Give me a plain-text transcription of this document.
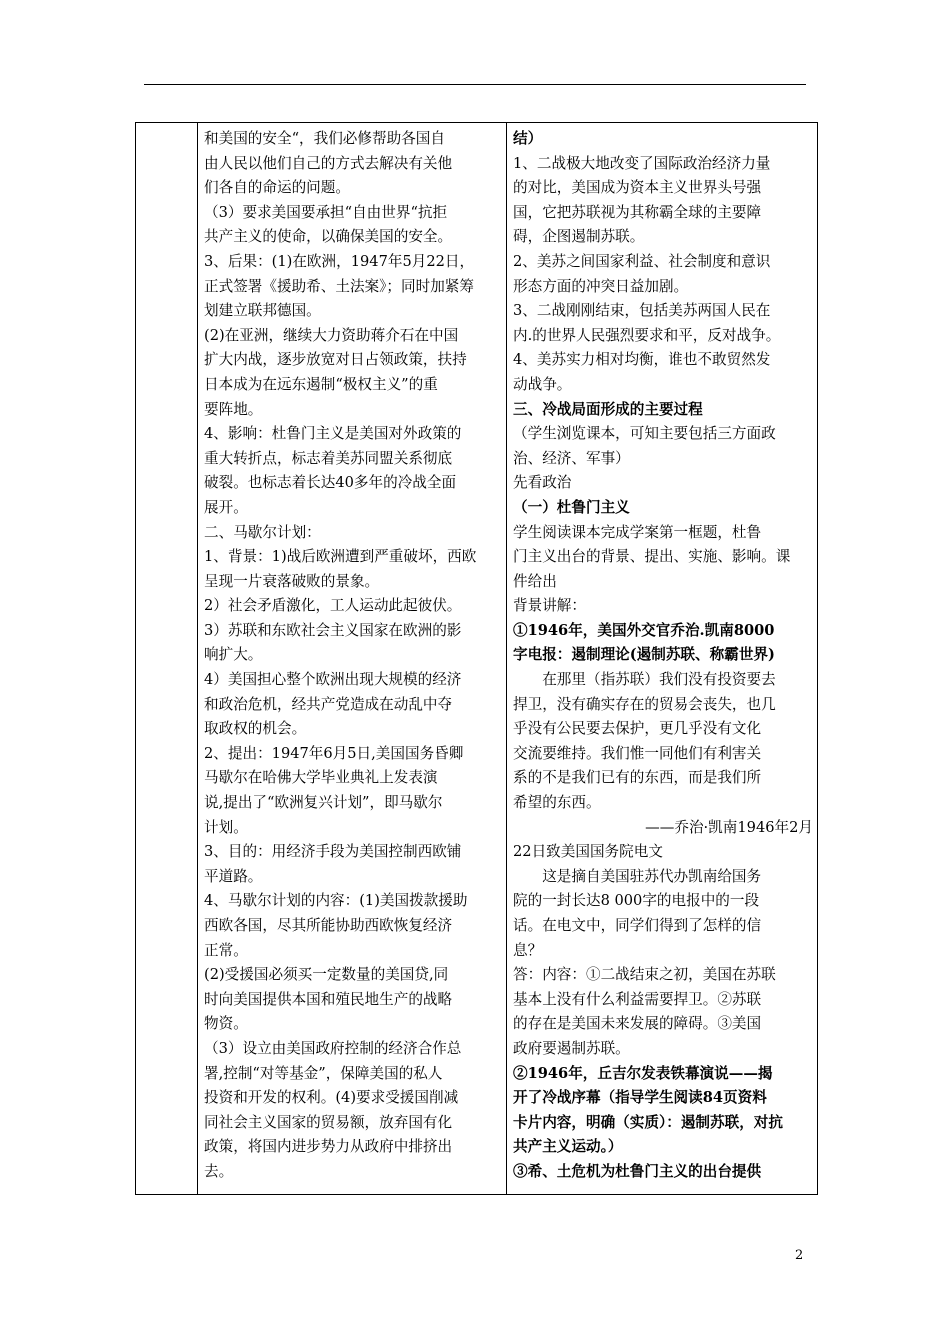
和美国的安全“，我们必修帮助各国自
由人民以他们自己的方式去解决有关他
们各自的命运的问题。
（3）要求美国要承担“自由世界“抗拒
共产主义的使命，以确保美国的安全。
3、后果：(1)在欧洲，1947年5月22日，
正式签署《援助希、土法案》；同时加紧筹
划建立联邦德国。
(2)在亚洲，继续大力资助蒋介石在中国
扩大内战，逐步放宽对日占领政策，扶持
日本成为在远东遏制“极权主义”的重
要阵地。
4、影响：杜鲁门主义是美国对外政策的
重大转折点，标志着美苏同盟关系彻底
破裂。也标志着长达40多年的冷战全面
展开。
二、马歇尔计划：
1、背景：1)战后欧洲遭到严重破坏，西欧
呈现一片衰落破败的景象。
2）社会矛盾激化，工人运动此起彼伏。
3）苏联和东欧社会主义国家在欧洲的影
响扩大。
4）美国担心整个欧洲出现大规模的经济
和政治危机，经共产党造成在动乱中夺
取政权的机会。
2、提出：1947年6月5日,美国国务昏卿
马歇尔在哈佛大学毕业典礼上发表演
说,提出了“欧洲复兴计划”，即马歇尔
计划。
3、目的：用经济手段为美国控制西欧铺
平道路。
4、马歇尔计划的内容：(1)美国拨款援助
西欧各国，尽其所能协助西欧恢复经济
正常。
(2)受援国必须买一定数量的美国贷,同
时向美国提供本国和殖民地生产的战略
物资。
（3）设立由美国政府控制的经济合作总
署,控制“对等基金”，保障美国的私人
投资和开发的权利。(4)要求受援国削减
同社会主义国家的贸易额，放弃国有化
政策，将国内进步势力从政府中排挤出
去。

结）
1、二战极大地改变了国际政治经济力量
的对比，美国成为资本主义世界头号强
国，它把苏联视为其称霸全球的主要障
碍，企图遏制苏联。
2、美苏之间国家利益、社会制度和意识
形态方面的冲突日益加剧。
3、二战刚刚结束，包括美苏两国人民在
内.的世界人民强烈要求和平，反对战争。
4、美苏实力相对均衡，谁也不敢贸然发
动战争。
三、冷战局面形成的主要过程
（学生浏览课本，可知主要包括三方面政
治、经济、军事）
先看政治
（一）杜鲁门主义
学生阅读课本完成学案第一框题，杜鲁
门主义出台的背景、提出、实施、影响。课
件给出
背景讲解：
①1946年，美国外交官乔治.凯南8000
字电报：遏制理论(遏制苏联、称霸世界)
　　在那里（指苏联）我们没有投资要去
捍卫，没有确实存在的贸易会丧失，也几
乎没有公民要去保护，更几乎没有文化
交流要维持。我们惟一同他们有利害关
系的不是我们已有的东西，而是我们所
希望的东西。
——乔治·凯南1946年2月
22日致美国国务院电文
　　这是摘自美国驻苏代办凯南给国务
院的一封长达8 000字的电报中的一段
话。在电文中，同学们得到了怎样的信
息？
答：内容：①二战结束之初，美国在苏联
基本上没有什么利益需要捍卫。②苏联
的存在是美国未来发展的障碍。③美国
政府要遏制苏联。
②1946年，丘吉尔发表铁幕演说——揭
开了冷战序幕（指导学生阅读84页资料
卡片内容，明确（实质）：遏制苏联，对抗
共产主义运动。）
③希、土危机为杜鲁门主义的出台提供
2
